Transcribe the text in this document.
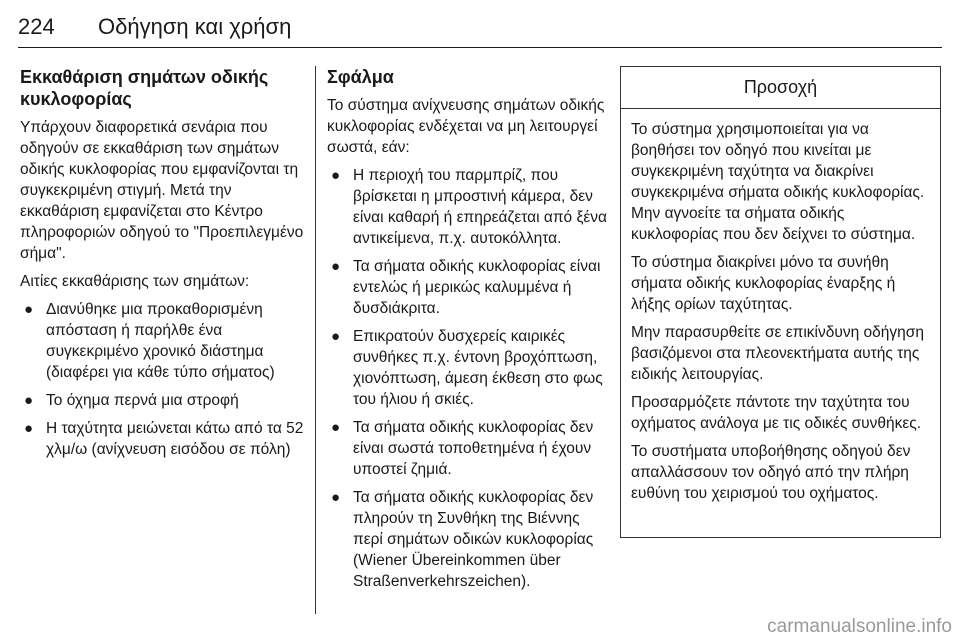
224 Οδήγηση και χρήση
Εκκαθάριση σημάτων οδικής κυκλοφορίας

Υπάρχουν διαφορετικά σενάρια που οδηγούν σε εκκαθάριση των σημάτων οδικής κυκλοφορίας που εμφανίζονται τη συγκεκριμένη στιγμή. Μετά την εκκαθάριση εμφανίζεται στο Κέντρο πληροφοριών οδηγού το "Προεπιλεγμένο σήμα".

Αιτίες εκκαθάρισης των σημάτων:

● Διανύθηκε μια προκαθορισμένη απόσταση ή παρήλθε ένα συγκεκριμένο χρονικό διάστημα (διαφέρει για κάθε τύπο σήματος)
● Το όχημα περνά μια στροφή
● Η ταχύτητα μειώνεται κάτω από τα 52 χλμ/ω (ανίχνευση εισόδου σε πόλη)
Σφάλμα

Το σύστημα ανίχνευσης σημάτων οδικής κυκλοφορίας ενδέχεται να μη λειτουργεί σωστά, εάν:

● Η περιοχή του παρμπρίζ, που βρίσκεται η μπροστινή κάμερα, δεν είναι καθαρή ή επηρεάζεται από ξένα αντικείμενα, π.χ. αυτοκόλλητα.
● Τα σήματα οδικής κυκλοφορίας είναι εντελώς ή μερικώς καλυμμένα ή δυσδιάκριτα.
● Επικρατούν δυσχερείς καιρικές συνθήκες π.χ. έντονη βροχόπτωση, χιονόπτωση, άμεση έκθεση στο φως του ήλιου ή σκιές.
● Τα σήματα οδικής κυκλοφορίας δεν είναι σωστά τοποθετημένα ή έχουν υποστεί ζημιά.
● Τα σήματα οδικής κυκλοφορίας δεν πληρούν τη Συνθήκη της Βιέννης περί σημάτων οδικών κυκλοφορίας (Wiener Übereinkommen über Straßenverkehrszeichen).
Προσοχή

Το σύστημα χρησιμοποιείται για να βοηθήσει τον οδηγό που κινείται με συγκεκριμένη ταχύτητα να διακρίνει συγκεκριμένα σήματα οδικής κυκλοφορίας. Μην αγνοείτε τα σήματα οδικής κυκλοφορίας που δεν δείχνει το σύστημα.

Το σύστημα διακρίνει μόνο τα συνήθη σήματα οδικής κυκλοφορίας έναρξης ή λήξης ορίων ταχύτητας.

Μην παρασυρθείτε σε επικίνδυνη οδήγηση βασιζόμενοι στα πλεονεκτήματα αυτής της ειδικής λειτουργίας.

Προσαρμόζετε πάντοτε την ταχύτητα του οχήματος ανάλογα με τις οδικές συνθήκες.

Το συστήματα υποβοήθησης οδηγού δεν απαλλάσσουν τον οδηγό από την πλήρη ευθύνη του χειρισμού του οχήματος.

carmanualsonline.info
